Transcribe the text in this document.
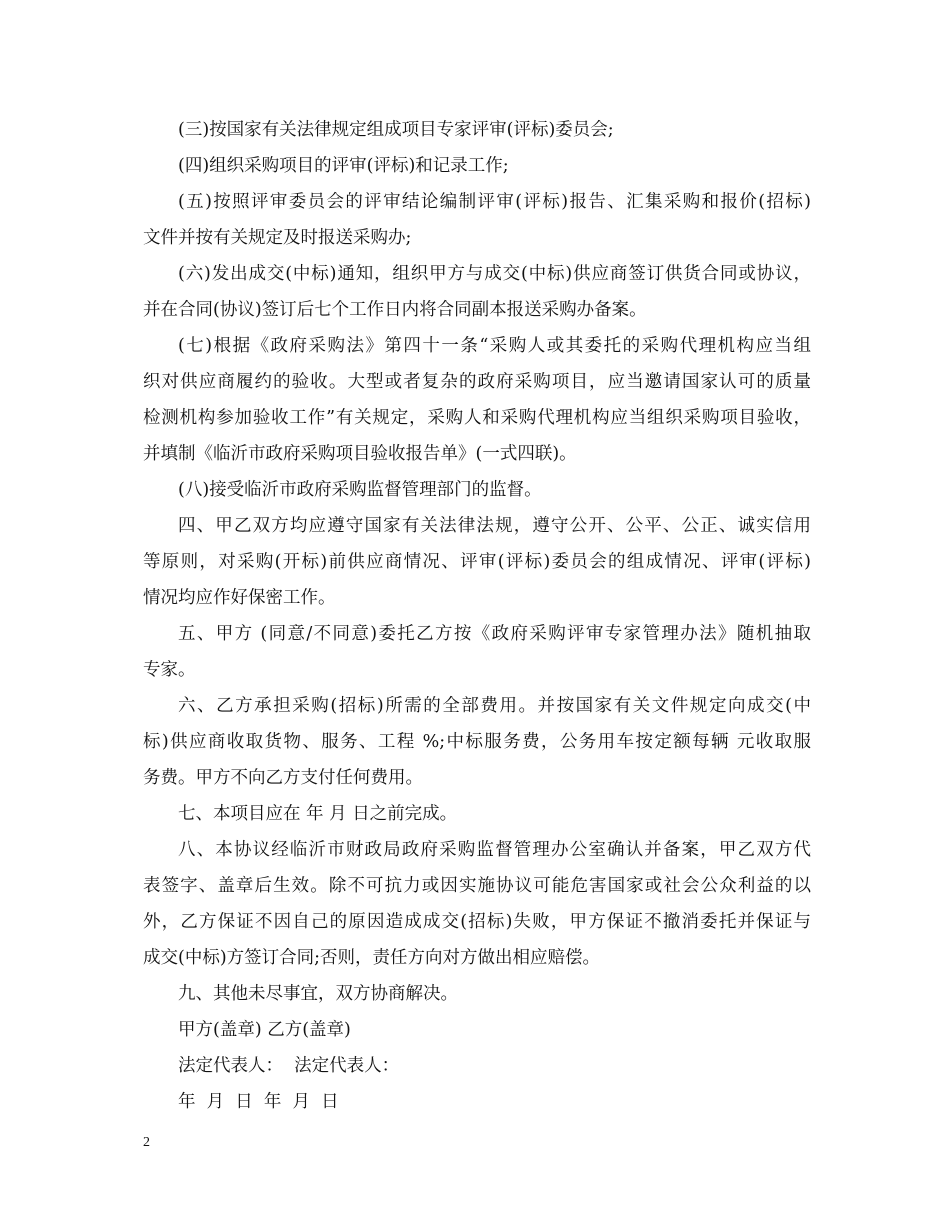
(三)按国家有关法律规定组成项目专家评审(评标)委员会;
(四)组织采购项目的评审(评标)和记录工作;
(五)按照评审委员会的评审结论编制评审(评标)报告、汇集采购和报价(招标)
文件并按有关规定及时报送采购办;
(六)发出成交(中标)通知，组织甲方与成交(中标)供应商签订供货合同或协议，
并在合同(协议)签订后七个工作日内将合同副本报送采购办备案。
(七)根据《政府采购法》第四十一条“采购人或其委托的采购代理机构应当组
织对供应商履约的验收。大型或者复杂的政府采购项目，应当邀请国家认可的质量
检测机构参加验收工作”有关规定，采购人和采购代理机构应当组织采购项目验收，
并填制《临沂市政府采购项目验收报告单》(一式四联)。
(八)接受临沂市政府采购监督管理部门的监督。
四、甲乙双方均应遵守国家有关法律法规，遵守公开、公平、公正、诚实信用
等原则，对采购(开标)前供应商情况、评审(评标)委员会的组成情况、评审(评标)
情况均应作好保密工作。
五、甲方 (同意/不同意)委托乙方按《政府采购评审专家管理办法》随机抽取
专家。
六、乙方承担采购(招标)所需的全部费用。并按国家有关文件规定向成交(中
标)供应商收取货物、服务、工程 %;中标服务费，公务用车按定额每辆 元收取服
务费。甲方不向乙方支付任何费用。
七、本项目应在 年 月 日之前完成。
八、本协议经临沂市财政局政府采购监督管理办公室确认并备案，甲乙双方代
表签字、盖章后生效。除不可抗力或因实施协议可能危害国家或社会公众利益的以
外，乙方保证不因自己的原因造成成交(招标)失败，甲方保证不撤消委托并保证与
成交(中标)方签订合同;否则，责任方向对方做出相应赔偿。
九、其他未尽事宜，双方协商解决。
甲方(盖章) 乙方(盖章)
法定代表人：  法定代表人：
年  月  日  年  月  日
2
